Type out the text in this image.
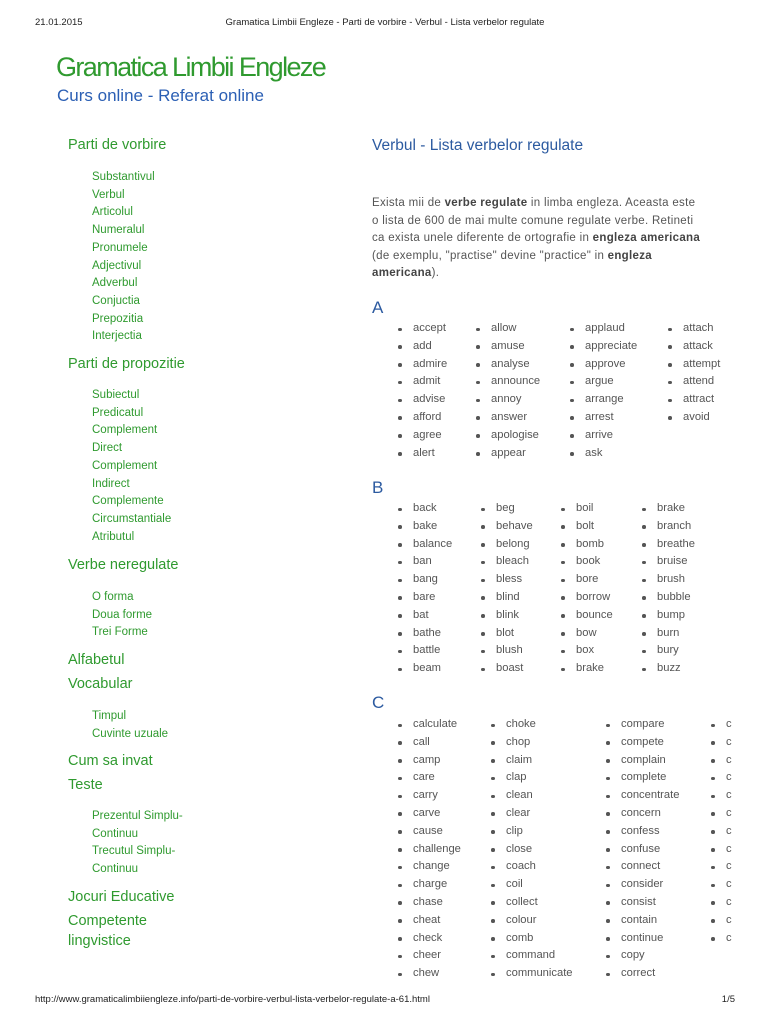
21.01.2015	Gramatica Limbii Engleze - Parti de vorbire - Verbul - Lista verbelor regulate
Gramatica Limbii Engleze
Curs online - Referat online
Parti de vorbire
Substantivul
Verbul
Articolul
Numeralul
Pronumele
Adjectivul
Adverbul
Conjuctia
Prepozitia
Interjectia
Parti de propozitie
Subiectul
Predicatul
Complement
Direct
Complement
Indirect
Complemente
Circumstantiale
Atributul
Verbe neregulate
O forma
Doua forme
Trei Forme
Alfabetul
Vocabular
Timpul
Cuvinte uzuale
Cum sa invat
Teste
Prezentul Simplu-
Continuu
Trecutul Simplu-
Continuu
Jocuri Educative
Competente
lingvistice
Verbul - Lista verbelor regulate
Exista mii de verbe regulate in limba engleza. Aceasta este o lista de 600 de mai multe comune regulate verbe. Retineti ca exista unele diferente de ortografie in engleza americana (de exemplu, "practise" devine "practice" in engleza americana).
A
accept
add
admire
admit
advise
afford
agree
alert
allow
amuse
analyse
announce
annoy
answer
apologise
appear
applaud
appreciate
approve
argue
arrange
arrest
arrive
ask
attach
attack
attempt
attend
attract
avoid
B
back
bake
balance
ban
bang
bare
bat
bathe
battle
beam
beg
behave
belong
bleach
bless
blind
blink
blot
blush
boast
boil
bolt
bomb
book
bore
borrow
bounce
bow
box
brake
brake
branch
breathe
bruise
brush
bubble
bump
burn
bury
buzz
C
calculate
call
camp
care
carry
carve
cause
challenge
change
charge
chase
cheat
check
cheer
chew
choke
chop
claim
clap
clean
clear
clip
close
coach
coil
collect
colour
comb
command
communicate
compare
compete
complain
complete
concentrate
concern
confess
confuse
connect
consider
consist
contain
continue
copy
correct
c
c
c
c
c
c
c
c
c
c
c
c
c
http://www.gramaticalimbiiengleze.info/parti-de-vorbire-verbul-lista-verbelor-regulate-a-61.html	1/5
